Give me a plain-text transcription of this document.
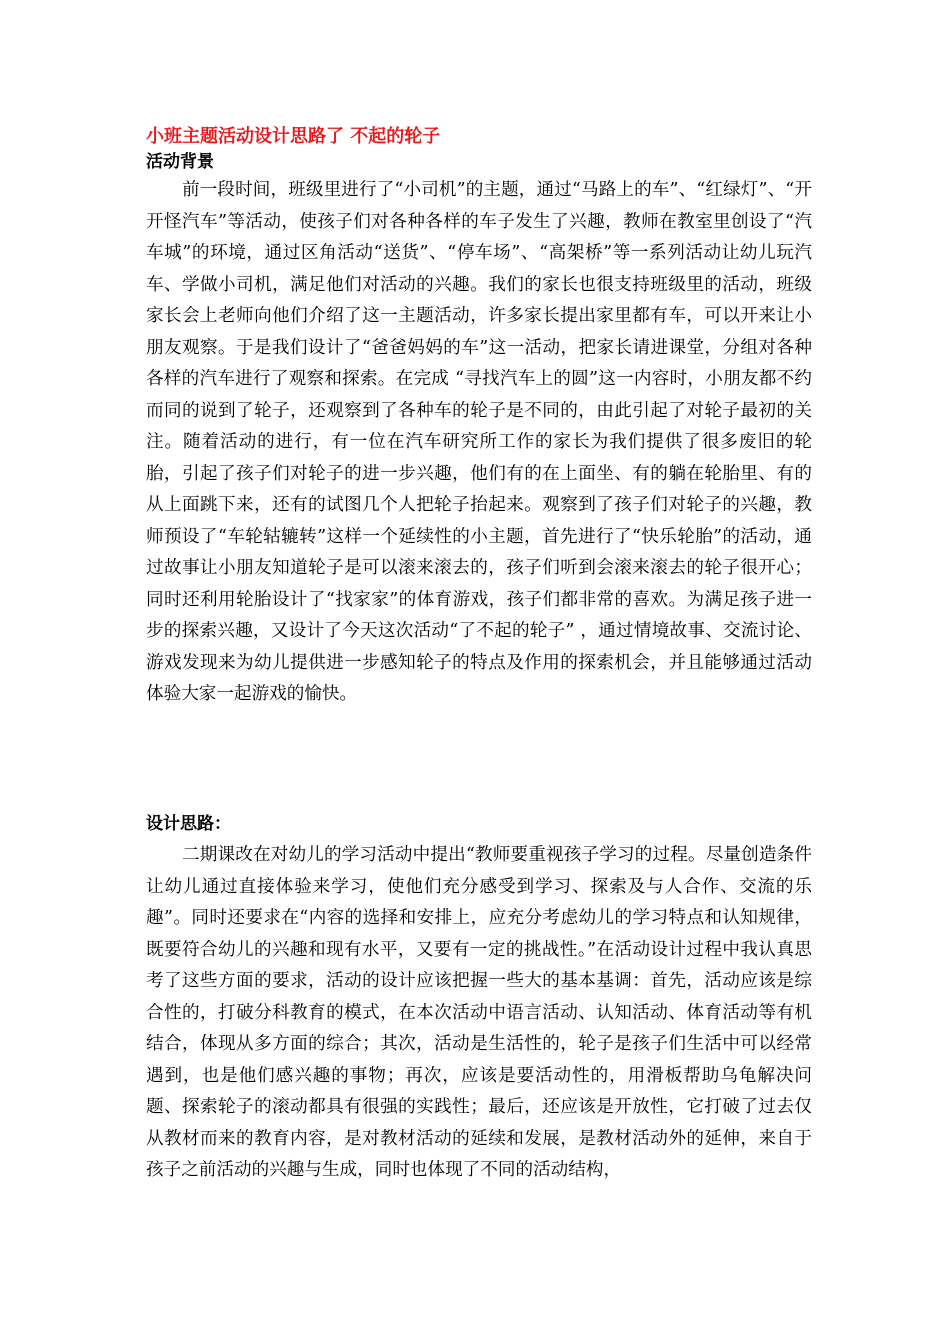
小班主题活动设计思路了 不起的轮子
活动背景

前一段时间，班级里进行了“小司机”的主题，通过“马路上的车”、“红绿灯”、“开开怪汽车”等活动，使孩子们对各种各样的车子发生了兴趣，教师在教室里创设了“汽车城”的环境，通过区角活动“送货”、“停车场”、“高架桥”等一系列活动让幼儿玩汽车、学做小司机，满足他们对活动的兴趣。我们的家长也很支持班级里的活动，班级家长会上老师向他们介绍了这一主题活动，许多家长提出家里都有车，可以开来让小朋友观察。于是我们设计了“爸爸妈妈的车”这一活动，把家长请进课堂，分组对各种各样的汽车进行了观察和探索。在完成 “寻找汽车上的圆”这一内容时，小朋友都不约而同的说到了轮子，还观察到了各种车的轮子是不同的，由此引起了对轮子最初的关注。随着活动的进行，有一位在汽车研究所工作的家长为我们提供了很多废旧的轮胎，引起了孩子们对轮子的进一步兴趣，他们有的在上面坐、有的躺在轮胎里、有的从上面跳下来，还有的试图几个人把轮子抬起来。观察到了孩子们对轮子的兴趣，教师预设了“车轮轱辘转”这样一个延续性的小主题，首先进行了“快乐轮胎”的活动，通过故事让小朋友知道轮子是可以滚来滚去的，孩子们听到会滚来滚去的轮子很开心；同时还利用轮胎设计了“找家家”的体育游戏，孩子们都非常的喜欢。为满足孩子进一步的探索兴趣，又设计了今天这次活动“了不起的轮子” ，通过情境故事、交流讨论、游戏发现来为幼儿提供进一步感知轮子的特点及作用的探索机会，并且能够通过活动体验大家一起游戏的愉快。

设计思路：

二期课改在对幼儿的学习活动中提出“教师要重视孩子学习的过程。尽量创造条件让幼儿通过直接体验来学习，使他们充分感受到学习、探索及与人合作、交流的乐趣”。同时还要求在“内容的选择和安排上，应充分考虑幼儿的学习特点和认知规律，既要符合幼儿的兴趣和现有水平，又要有一定的挑战性。”在活动设计过程中我认真思考了这些方面的要求，活动的设计应该把握一些大的基本基调：首先，活动应该是综合性的，打破分科教育的模式，在本次活动中语言活动、认知活动、体育活动等有机结合，体现从多方面的综合；其次，活动是生活性的，轮子是孩子们生活中可以经常遇到，也是他们感兴趣的事物；再次，应该是要活动性的，用滑板帮助乌龟解决问题、探索轮子的滚动都具有很强的实践性；最后，还应该是开放性，它打破了过去仅从教材而来的教育内容，是对教材活动的延续和发展，是教材活动外的延伸，来自于孩子之前活动的兴趣与生成，同时也体现了不同的活动结构，
